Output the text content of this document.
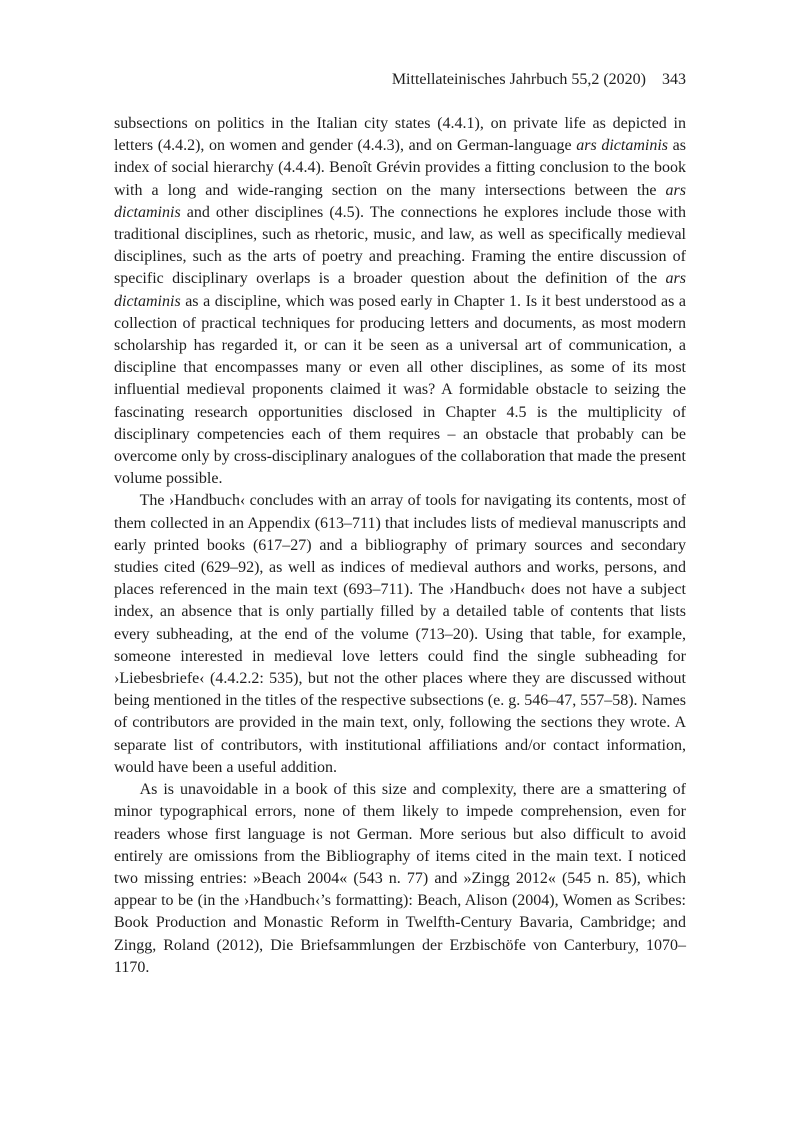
Mittellateinisches Jahrbuch 55,2 (2020) 343

subsections on politics in the Italian city states (4.4.1), on private life as depicted in letters (4.4.2), on women and gender (4.4.3), and on German-language ars dictaminis as index of social hierarchy (4.4.4). Benoît Grévin provides a fitting conclusion to the book with a long and wide-ranging section on the many intersections between the ars dictaminis and other disciplines (4.5). The connections he explores include those with traditional disciplines, such as rhetoric, music, and law, as well as specifically medieval disciplines, such as the arts of poetry and preaching. Framing the entire discussion of specific disciplinary overlaps is a broader question about the definition of the ars dictaminis as a discipline, which was posed early in Chapter 1. Is it best understood as a collection of practical techniques for producing letters and documents, as most modern scholarship has regarded it, or can it be seen as a universal art of communication, a discipline that encompasses many or even all other disciplines, as some of its most influential medieval proponents claimed it was? A formidable obstacle to seizing the fascinating research opportunities disclosed in Chapter 4.5 is the multiplicity of disciplinary competencies each of them requires – an obstacle that probably can be overcome only by cross-disciplinary analogues of the collaboration that made the present volume possible.

The ›Handbuch‹ concludes with an array of tools for navigating its contents, most of them collected in an Appendix (613–711) that includes lists of medieval manuscripts and early printed books (617–27) and a bibliography of primary sources and secondary studies cited (629–92), as well as indices of medieval authors and works, persons, and places referenced in the main text (693–711). The ›Handbuch‹ does not have a subject index, an absence that is only partially filled by a detailed table of contents that lists every subheading, at the end of the volume (713–20). Using that table, for example, someone interested in medieval love letters could find the single subheading for ›Liebesbriefe‹ (4.4.2.2: 535), but not the other places where they are discussed without being mentioned in the titles of the respective subsections (e. g. 546–47, 557–58). Names of contributors are provided in the main text, only, following the sections they wrote. A separate list of contributors, with institutional affiliations and/or contact information, would have been a useful addition.

As is unavoidable in a book of this size and complexity, there are a smattering of minor typographical errors, none of them likely to impede comprehension, even for readers whose first language is not German. More serious but also difficult to avoid entirely are omissions from the Bibliography of items cited in the main text. I noticed two missing entries: »Beach 2004« (543 n. 77) and »Zingg 2012« (545 n. 85), which appear to be (in the ›Handbuch‹’s formatting): Beach, Alison (2004), Women as Scribes: Book Production and Monastic Reform in Twelfth-Century Bavaria, Cambridge; and Zingg, Roland (2012), Die Briefsammlungen der Erzbischöfe von Canterbury, 1070–1170.
